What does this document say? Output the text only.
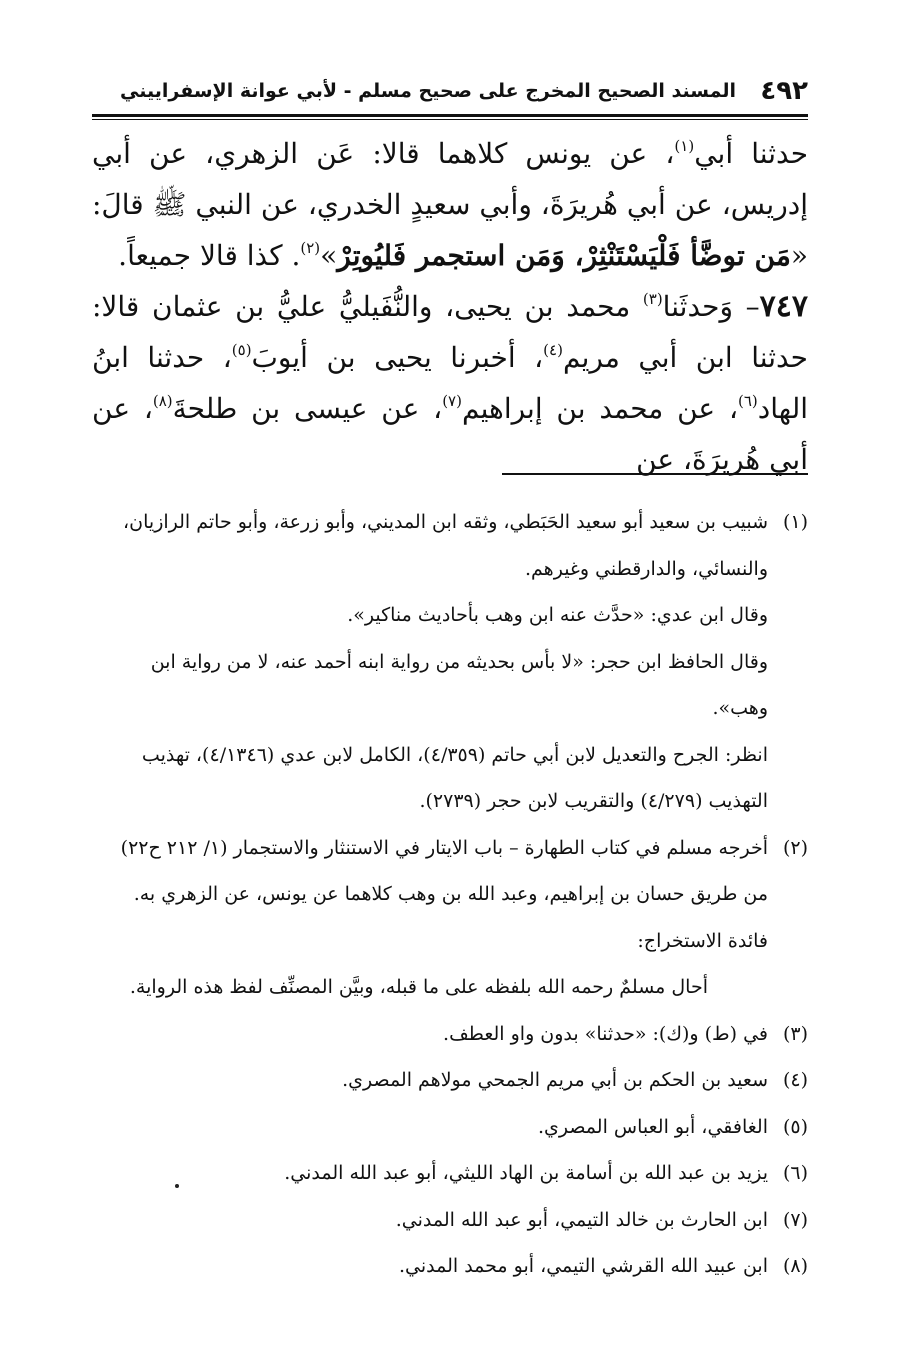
٤٩٢
المسند الصحيح المخرج على صحيح مسلم - لأبي عوانة الإسفراييني

حدثنا أبي$^{(١)}$، عن يونس كلاهما قالا: عَن الزهري، عن أبي إدريس، عن أبي هُريرَةَ، وأبي سعيدٍ الخدري، عن النبي ﷺ قالَ: «مَن توضَّأ فَلْيَسْتَنْثِرْ، وَمَن استجمر فَليُوتِرْ»$^{(٢)}$. كذا قالا جميعاً.

٧٤٧– وَحدثَنا$^{(٣)}$ محمد بن يحيى، والنُّفَيليُّ عليُّ بن عثمان قالا: حدثنا ابن أبي مريم$^{(٤)}$، أخبرنا يحيى بن أيوبَ$^{(٥)}$، حدثنا ابنُ الهاد$^{(٦)}$، عن محمد بن إبراهيم$^{(٧)}$، عن عيسى بن طلحةَ$^{(٨)}$، عن أبي هُريرَةَ، عن

(١)
شبيب بن سعيد أبو سعيد الحَبَطي، وثقه ابن المديني، وأبو زرعة، وأبو حاتم الرازيان، والنسائي، والدارقطني وغيرهم.
وقال ابن عدي: «حدَّث عنه ابن وهب بأحاديث مناكير».
وقال الحافظ ابن حجر: «لا بأس بحديثه من رواية ابنه أحمد عنه، لا من رواية ابن وهب».
انظر: الجرح والتعديل لابن أبي حاتم (٤/٣٥٩)، الكامل لابن عدي (٤/١٣٤٦)، تهذيب التهذيب (٤/٢٧٩) والتقريب لابن حجر (٢٧٣٩).
(٢)
أخرجه مسلم في كتاب الطهارة – باب الايتار في الاستنثار والاستجمار (١/ ٢١٢ ح٢٢) من طريق حسان بن إبراهيم، وعبد الله بن وهب كلاهما عن يونس، عن الزهري به.
فائدة الاستخراج:
أحال مسلمٌ رحمه الله بلفظه على ما قبله، وبيَّن المصنِّف لفظ هذه الرواية.
(٣)
في (ط) و(ك): «حدثنا» بدون واو العطف.
(٤)
سعيد بن الحكم بن أبي مريم الجمحي مولاهم المصري.
(٥)
الغافقي، أبو العباس المصري.
(٦)
يزيد بن عبد الله بن أسامة بن الهاد الليثي، أبو عبد الله المدني.
(٧)
ابن الحارث بن خالد التيمي، أبو عبد الله المدني.
(٨)
ابن عبيد الله القرشي التيمي، أبو محمد المدني.
